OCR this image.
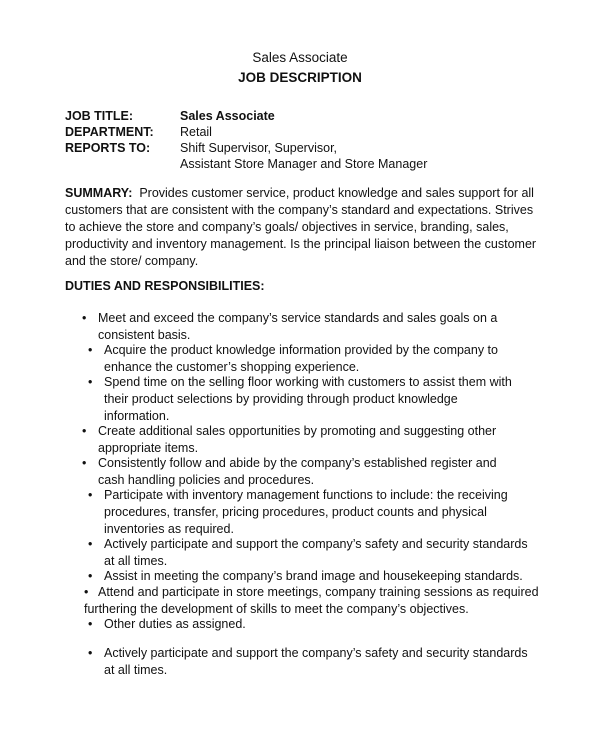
Sales Associate
JOB DESCRIPTION
JOB TITLE:	Sales Associate
DEPARTMENT: Retail
REPORTS TO: Shift Supervisor, Supervisor,
Assistant Store Manager and Store Manager
SUMMARY: Provides customer service, product knowledge and sales support for all customers that are consistent with the company’s standard and expectations. Strives to achieve the store and company’s goals/ objectives in service, branding, sales, productivity and inventory management. Is the principal liaison between the customer and the store/ company.
DUTIES AND RESPONSIBILITIES:
• Meet and exceed the company’s service standards and sales goals on a consistent basis.
• Acquire the product knowledge information provided by the company to enhance the customer’s shopping experience.
• Spend time on the selling floor working with customers to assist them with their product selections by providing through product knowledge information.
• Create additional sales opportunities by promoting and suggesting other appropriate items.
• Consistently follow and abide by the company’s established register and cash handling policies and procedures.
• Participate with inventory management functions to include: the receiving procedures, transfer, pricing procedures, product counts and physical inventories as required.
• Actively participate and support the company’s safety and security standards at all times.
• Assist in meeting the company’s brand image and housekeeping standards.
• Attend and participate in store meetings, company training sessions as required furthering the development of skills to meet the company’s objectives.
• Other duties as assigned.
• Actively participate and support the company’s safety and security standards at all times.
